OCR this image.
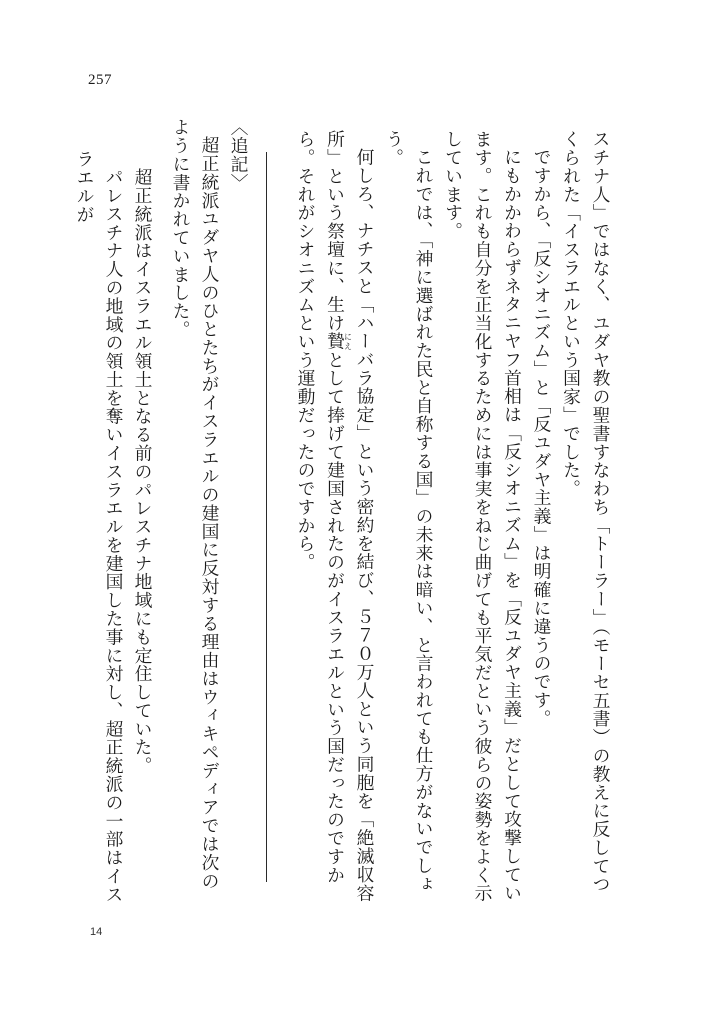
257

スチナ人」ではなく、ユダヤ教の聖書すなわち「トーラー」（モーセ五書）の教えに反してつくられた「イスラエルという国家」でした。

ですから、「反シオニズム」と「反ユダヤ主義」は明確に違うのです。

にもかかわらずネタニヤフ首相は「反シオニズム」を「反ユダヤ主義」だとして攻撃しています。これも自分を正当化するためには事実をねじ曲げても平気だという彼らの姿勢をよく示しています。

これでは、「神に選ばれた民と自称する国」の未来は暗い、と言われても仕方がないでしょう。

何しろ、ナチスと「ハーバラ協定」という密約を結び、５７０万人という同胞を「絶滅収容所」という祭壇に、生け贄にえとして捧げて建国されたのがイスラエルという国だったのですから。それがシオニズムという運動だったのですから。

〈追記〉

超正統派ユダヤ人のひとたちがイスラエルの建国に反対する理由はウィキペディアでは次のように書かれていました。

超正統派はイスラエル領土となる前のパレスチナ地域にも定住していた。

パレスチナ人の地域の領土を奪いイスラエルを建国した事に対し、超正統派の一部はイスラエルが

14
